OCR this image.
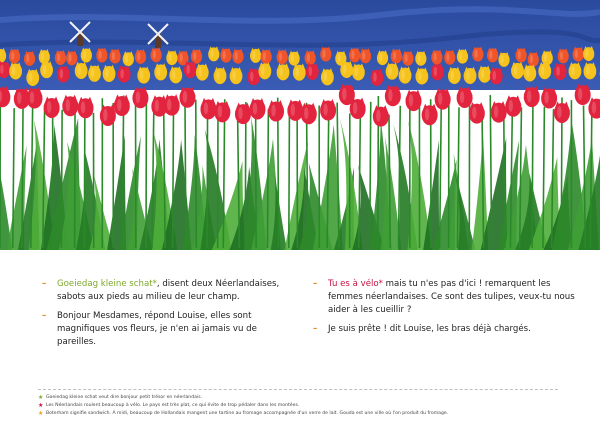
– Goeiedag kleine schat*, disent deux Néerlandaises, sabots aux pieds au milieu de leur champ.

– Bonjour Mesdames, répond Louise, elles sont magnifiques vos fleurs, je n'en ai jamais vu de pareilles.

– Tu es à vélo* mais tu n'es pas d'ici ! remarquent les femmes néerlandaises. Ce sont des tulipes, veux-tu nous aider à les cueillir ?

– Je suis prête ! dit Louise, les bras déjà chargés.

★ Goeiedag kleine schat veut dire bonjour petit trésor en néerlandais.
★ Les Néerlandais roulent beaucoup à vélo. Le pays est très plat, ce qui évite de trop pédaler dans les montées.
★ Boterham signifie sandwich. A midi, beaucoup de Hollandais mangent une tartine au fromage accompagnée d'un verre de lait. Gouda est une ville où l'on produit du fromage.
